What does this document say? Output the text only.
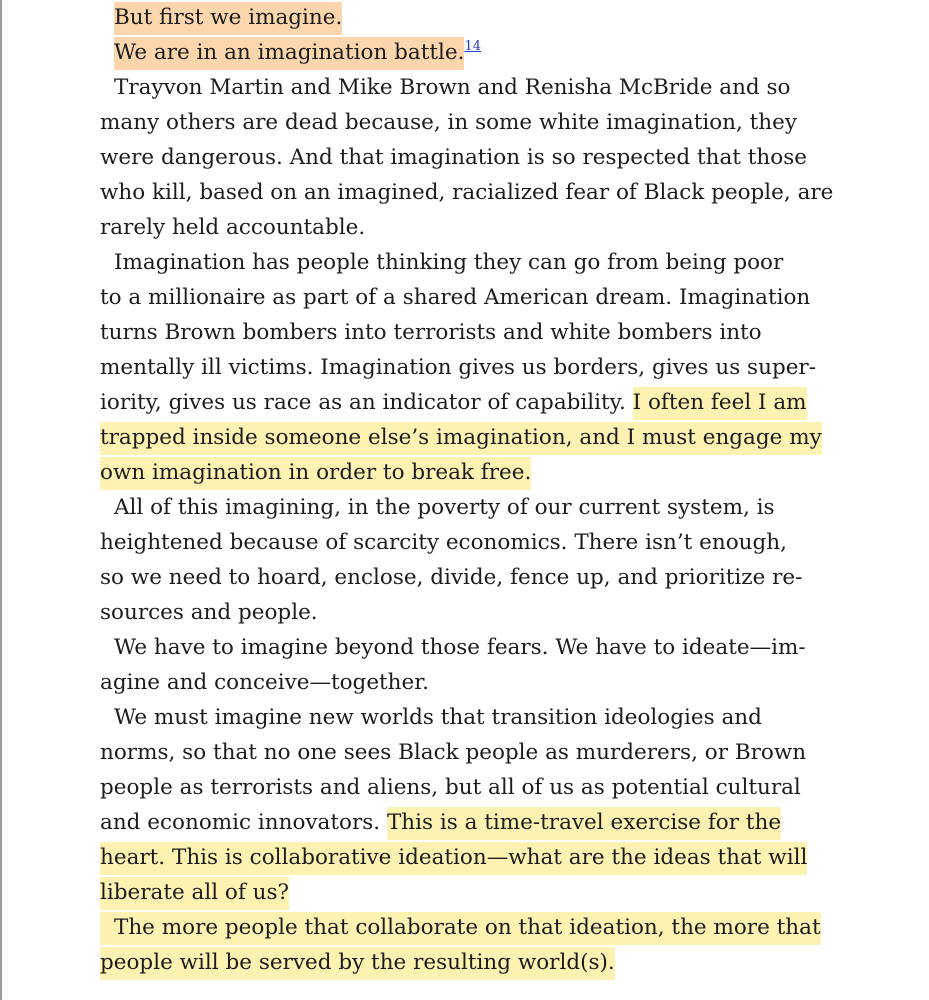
But first we imagine.
We are in an imagination battle.$^{14}$
Trayvon Martin and Mike Brown and Renisha McBride and so
many others are dead because, in some white imagination, they
were dangerous. And that imagination is so respected that those
who kill, based on an imagined, racialized fear of Black people, are
rarely held accountable.
Imagination has people thinking they can go from being poor
to a millionaire as part of a shared American dream. Imagination
turns Brown bombers into terrorists and white bombers into
mentally ill victims. Imagination gives us borders, gives us super-
iority, gives us race as an indicator of capability. I often feel I am
trapped inside someone else’s imagination, and I must engage my
own imagination in order to break free.
All of this imagining, in the poverty of our current system, is
heightened because of scarcity economics. There isn’t enough,
so we need to hoard, enclose, divide, fence up, and prioritize re-
sources and people.
We have to imagine beyond those fears. We have to ideate—im-
agine and conceive—together.
We must imagine new worlds that transition ideologies and
norms, so that no one sees Black people as murderers, or Brown
people as terrorists and aliens, but all of us as potential cultural
and economic innovators. This is a time-travel exercise for the
heart. This is collaborative ideation—what are the ideas that will
liberate all of us?
The more people that collaborate on that ideation, the more that
people will be served by the resulting world(s).
